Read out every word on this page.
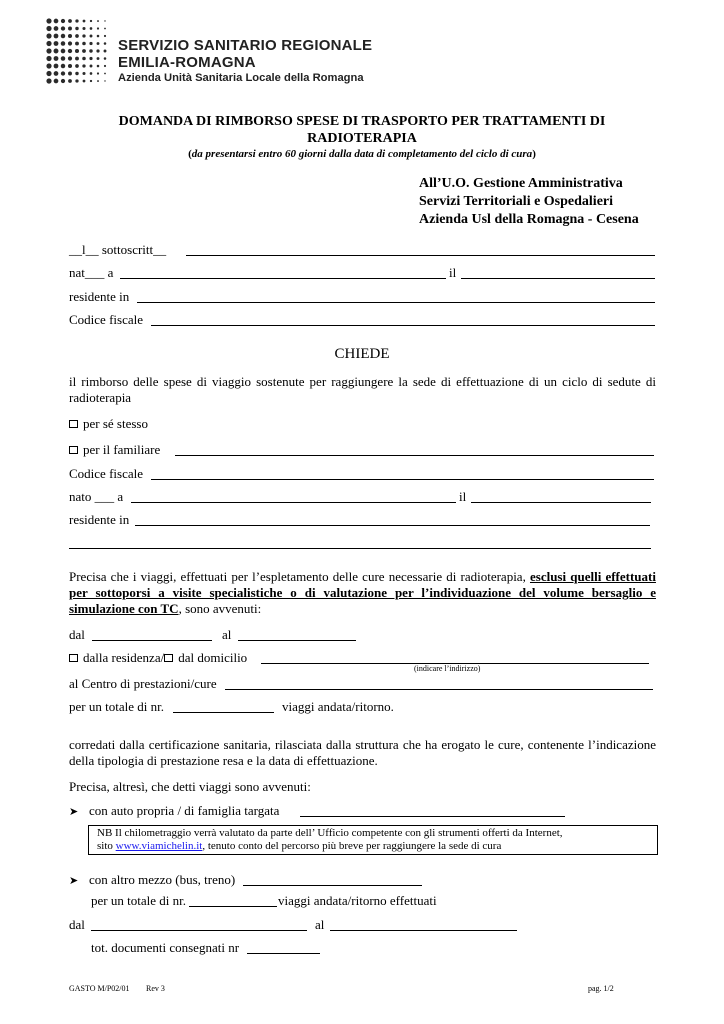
SERVIZIO SANITARIO REGIONALE
EMILIA-ROMAGNA
Azienda Unità Sanitaria Locale della Romagna
DOMANDA DI RIMBORSO SPESE DI TRASPORTO PER TRATTAMENTI DI
RADIOTERAPIA
(da presentarsi entro 60 giorni dalla data di completamento del ciclo di cura)
All’U.O. Gestione Amministrativa
Servizi Territoriali e Ospedalieri
Azienda Usl della Romagna - Cesena
__l__ sottoscritt__
nat___ a	il
residente in
Codice fiscale
CHIEDE
il rimborso delle spese di viaggio sostenute per raggiungere la sede di effettuazione di un ciclo di sedute di radioterapia
per sé stesso
per il familiare
Codice fiscale
nato ___ a	il
residente in
Precisa che i viaggi, effettuati per l’espletamento delle cure necessarie di radioterapia, esclusi quelli effettuati per sottoporsi a visite specialistiche o di valutazione per l’individuazione del volume bersaglio e simulazione con TC, sono avvenuti:
dal	al
dalla residenza/ dal domicilio
(indicare l’indirizzo)
al Centro di prestazioni/cure
per un totale di nr.	viaggi andata/ritorno.
corredati dalla certificazione sanitaria, rilasciata dalla struttura che ha erogato le cure, contenente l’indicazione della tipologia di prestazione resa e la data di effettuazione.
Precisa, altresì, che detti viaggi sono avvenuti:
➤ con auto propria / di famiglia targata
NB Il chilometraggio verrà valutato da parte dell’ Ufficio competente con gli strumenti offerti da Internet,
sito www.viamichelin.it, tenuto conto del percorso più breve per raggiungere la sede di cura
➤ con altro mezzo (bus, treno)
per un totale di nr.	viaggi andata/ritorno effettuati
dal	al
tot. documenti consegnati nr
GASTO M/P02/01 Rev 3	pag. 1/2
